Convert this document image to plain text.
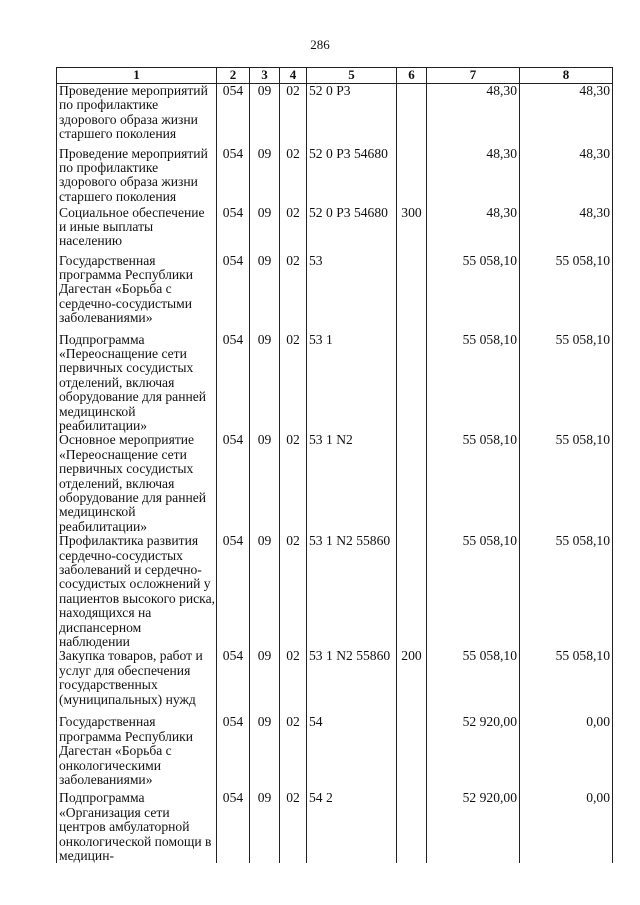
286
1	2	3	4	5	6	7	8
Проведение мероприятий по профилактике здорового образа жизни старшего поколения	054	09	02	52 0 P3		48,30	48,30
Проведение мероприятий по профилактике здорового образа жизни старшего поколения	054	09	02	52 0 P3 54680		48,30	48,30
Социальное обеспечение и иные выплаты населению	054	09	02	52 0 P3 54680	300	48,30	48,30
Государственная программа Республики Дагестан «Борьба с сердечно-сосудистыми заболеваниями»	054	09	02	53		55 058,10	55 058,10
Подпрограмма «Переоснащение сети первичных сосудистых отделений, включая оборудование для ранней медицинской реабилитации»	054	09	02	53 1		55 058,10	55 058,10
Основное мероприятие «Переоснащение сети первичных сосудистых отделений, включая оборудование для ранней медицинской реабилитации»	054	09	02	53 1 N2		55 058,10	55 058,10
Профилактика развития сердечно-сосудистых заболеваний и сердечно-сосудистых осложнений у пациентов высокого риска, находящихся на диспансерном наблюдении	054	09	02	53 1 N2 55860		55 058,10	55 058,10
Закупка товаров, работ и услуг для обеспечения государственных (муниципальных) нужд	054	09	02	53 1 N2 55860	200	55 058,10	55 058,10
Государственная программа Республики Дагестан «Борьба с онкологическими заболеваниями»	054	09	02	54		52 920,00	0,00
Подпрограмма «Организация сети центров амбулаторной онкологической помощи в медицин-	054	09	02	54 2		52 920,00	0,00
